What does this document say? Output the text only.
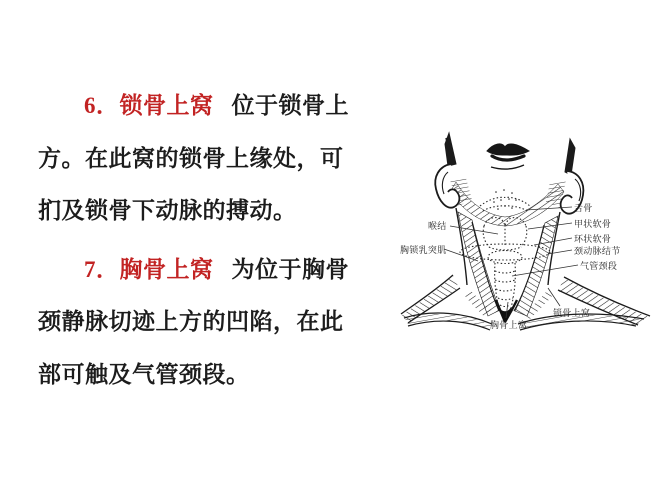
6．锁骨上窝 位于锁骨上
方。在此窝的锁骨上缘处，可
扪及锁骨下动脉的搏动。
7．胸骨上窝 为位于胸骨
颈静脉切迹上方的凹陷，在此
部可触及气管颈段。
喉结
胸锁乳突肌
舌骨
甲状软骨
环状软骨
颈动脉结节
气管颈段
锁骨上窝
胸骨上窝
